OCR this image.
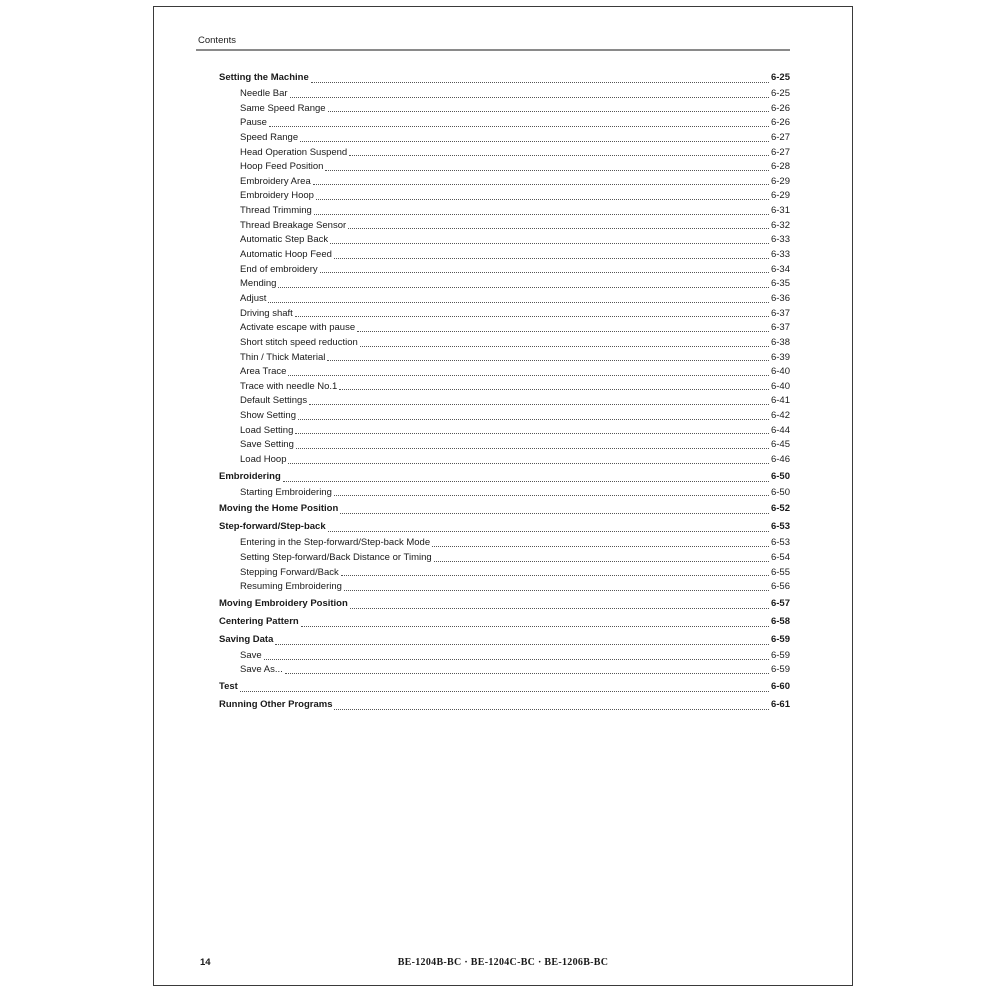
Contents
Setting the Machine	6-25
Needle Bar	6-25
Same Speed Range	6-26
Pause	6-26
Speed Range	6-27
Head Operation Suspend	6-27
Hoop Feed Position	6-28
Embroidery Area	6-29
Embroidery Hoop	6-29
Thread Trimming	6-31
Thread Breakage Sensor	6-32
Automatic Step Back	6-33
Automatic Hoop Feed	6-33
End of embroidery	6-34
Mending	6-35
Adjust	6-36
Driving shaft	6-37
Activate escape with pause	6-37
Short stitch speed reduction	6-38
Thin / Thick Material	6-39
Area Trace	6-40
Trace with needle No.1	6-40
Default Settings	6-41
Show Setting	6-42
Load Setting	6-44
Save Setting	6-45
Load Hoop	6-46
Embroidering	6-50
Starting Embroidering	6-50
Moving the Home Position	6-52
Step-forward/Step-back	6-53
Entering in the Step-forward/Step-back Mode	6-53
Setting Step-forward/Back Distance or Timing	6-54
Stepping Forward/Back	6-55
Resuming Embroidering	6-56
Moving Embroidery Position	6-57
Centering Pattern	6-58
Saving Data	6-59
Save	6-59
Save As...	6-59
Test	6-60
Running Other Programs	6-61
14	BE-1204B-BC · BE-1204C-BC · BE-1206B-BC
